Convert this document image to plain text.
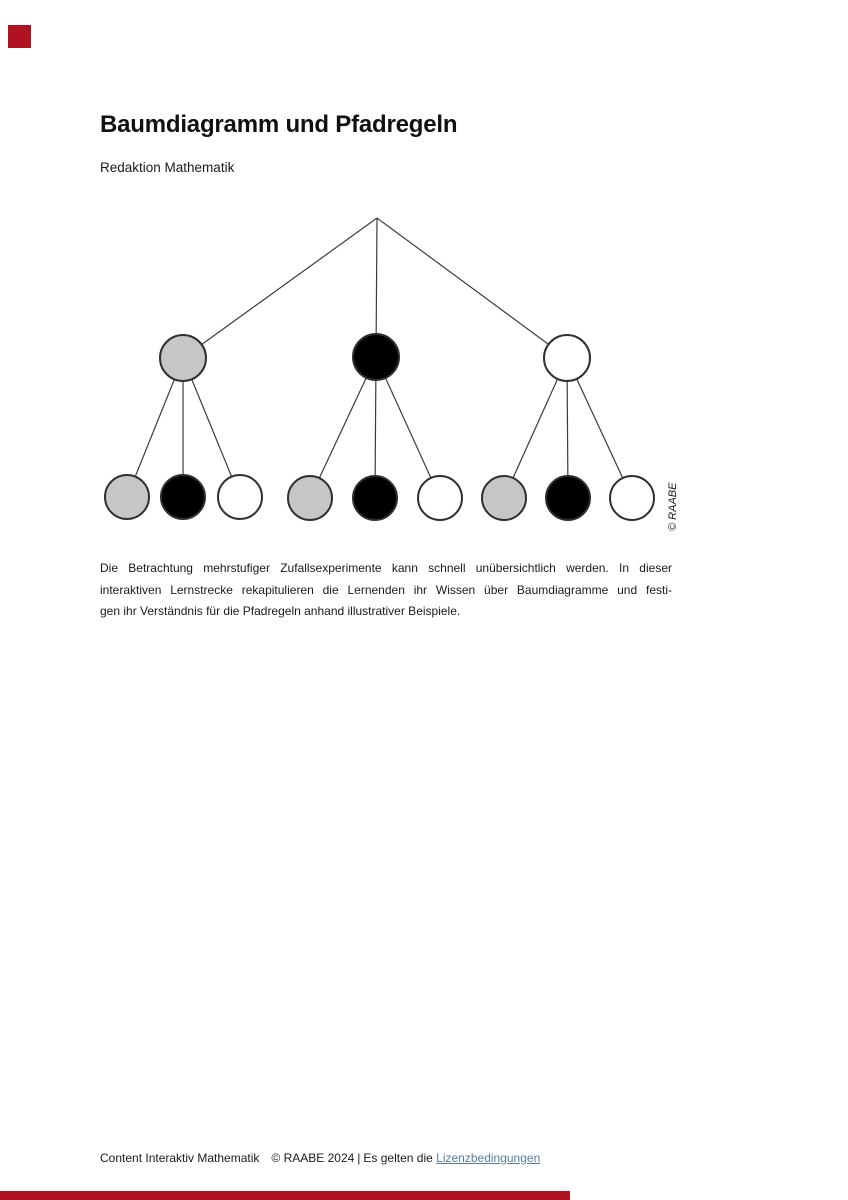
Baumdiagramm und Pfadregeln
Redaktion Mathematik
© RAABE
Die Betrachtung mehrstufiger Zufallsexperimente kann schnell unübersichtlich werden. In dieser
interaktiven Lernstrecke rekapitulieren die Lernenden ihr Wissen über Baumdiagramme und festi-
gen ihr Verständnis für die Pfadregeln anhand illustrativer Beispiele.
Content Interaktiv Mathematik © RAABE 2024 | Es gelten die Lizenzbedingungen
